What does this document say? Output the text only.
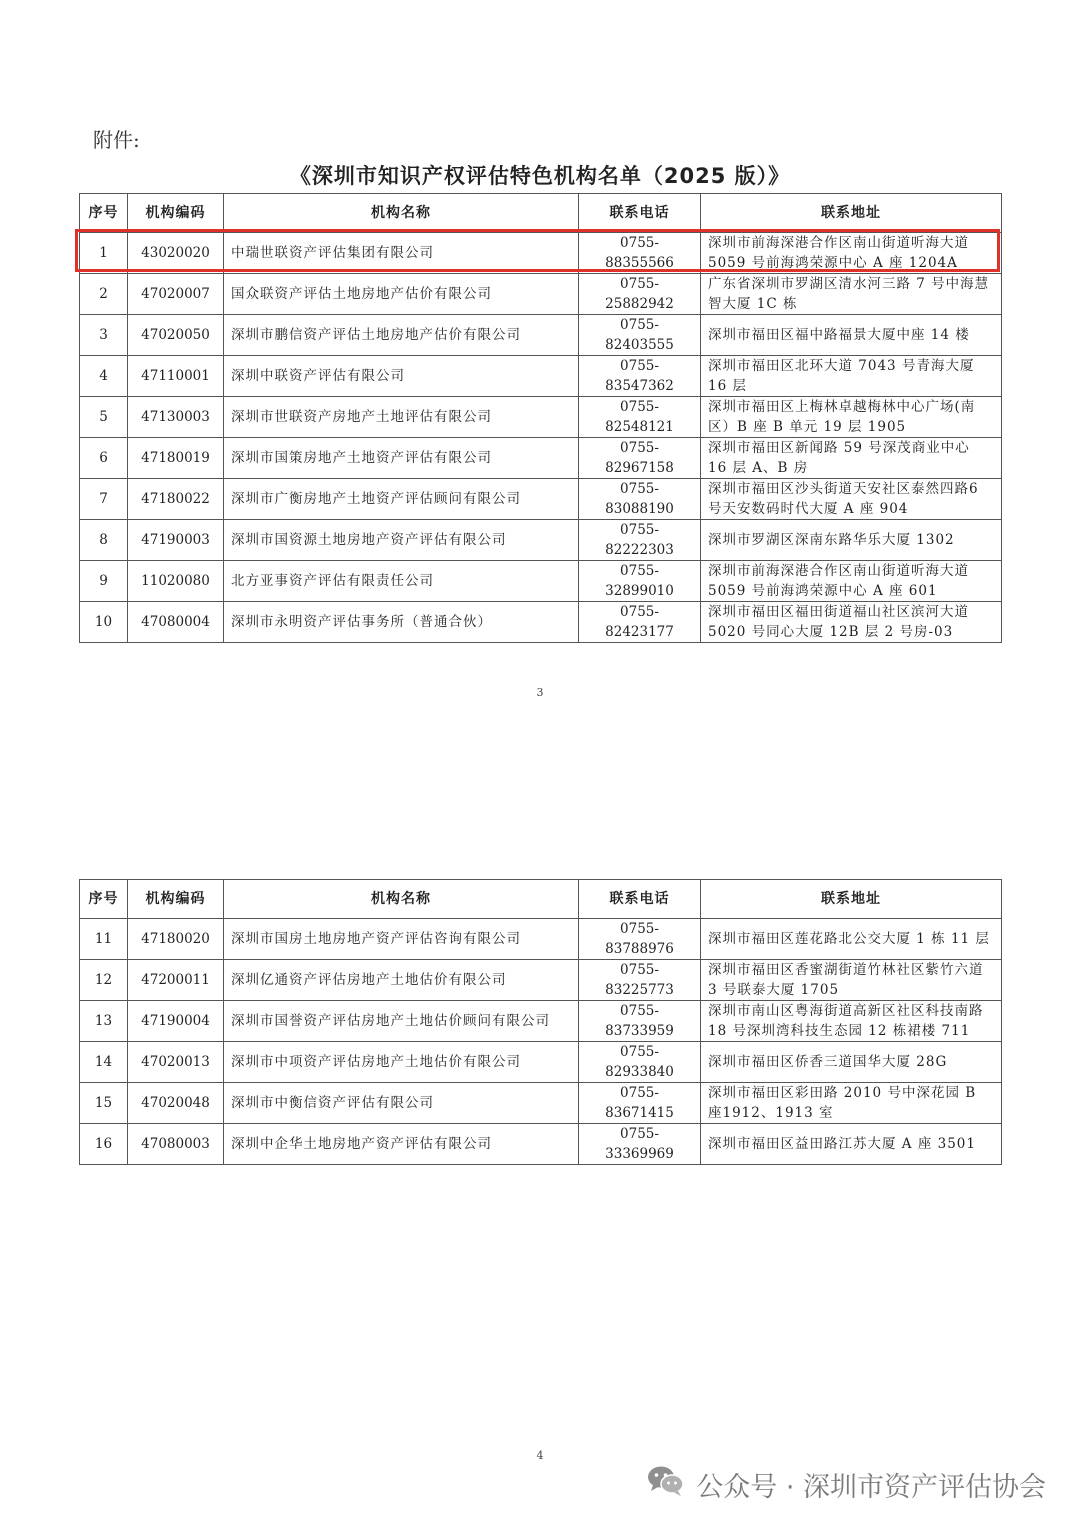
附件:
《深圳市知识产权评估特色机构名单（2025 版）》
序号	机构编码	机构名称	联系电话	联系地址
1	43020020	中瑞世联资产评估集团有限公司	0755-88355566	深圳市前海深港合作区南山街道听海大道5059 号前海鸿荣源中心 A 座 1204A
2	47020007	国众联资产评估土地房地产估价有限公司	0755-25882942	广东省深圳市罗湖区清水河三路 7 号中海慧智大厦 1C 栋
3	47020050	深圳市鹏信资产评估土地房地产估价有限公司	0755-82403555	深圳市福田区福中路福景大厦中座 14 楼
4	47110001	深圳中联资产评估有限公司	0755-83547362	深圳市福田区北环大道 7043 号青海大厦 16 层
5	47130003	深圳市世联资产房地产土地评估有限公司	0755-82548121	深圳市福田区上梅林卓越梅林中心广场(南区）B 座 B 单元 19 层 1905
6	47180019	深圳市国策房地产土地资产评估有限公司	0755-82967158	深圳市福田区新闻路 59 号深茂商业中心 16 层 A、B 房
7	47180022	深圳市广衡房地产土地资产评估顾问有限公司	0755-83088190	深圳市福田区沙头街道天安社区泰然四路6 号天安数码时代大厦 A 座 904
8	47190003	深圳市国资源土地房地产资产评估有限公司	0755-82222303	深圳市罗湖区深南东路华乐大厦 1302
9	11020080	北方亚事资产评估有限责任公司	0755-32899010	深圳市前海深港合作区南山街道听海大道5059 号前海鸿荣源中心 A 座 601
10	47080004	深圳市永明资产评估事务所（普通合伙）	0755-82423177	深圳市福田区福田街道福山社区滨河大道5020 号同心大厦 12B 层 2 号房-03
3
序号	机构编码	机构名称	联系电话	联系地址
11	47180020	深圳市国房土地房地产资产评估咨询有限公司	0755-83788976	深圳市福田区莲花路北公交大厦 1 栋 11 层
12	47200011	深圳亿通资产评估房地产土地估价有限公司	0755-83225773	深圳市福田区香蜜湖街道竹林社区紫竹六道 3 号联泰大厦 1705
13	47190004	深圳市国誉资产评估房地产土地估价顾问有限公司	0755-83733959	深圳市南山区粤海街道高新区社区科技南路 18 号深圳湾科技生态园 12 栋裙楼 711
14	47020013	深圳市中项资产评估房地产土地估价有限公司	0755-82933840	深圳市福田区侨香三道国华大厦 28G
15	47020048	深圳市中衡信资产评估有限公司	0755-83671415	深圳市福田区彩田路 2010 号中深花园 B 座1912、1913 室
16	47080003	深圳中企华土地房地产资产评估有限公司	0755-33369969	深圳市福田区益田路江苏大厦 A 座 3501
4
公众号 · 深圳市资产评估协会
